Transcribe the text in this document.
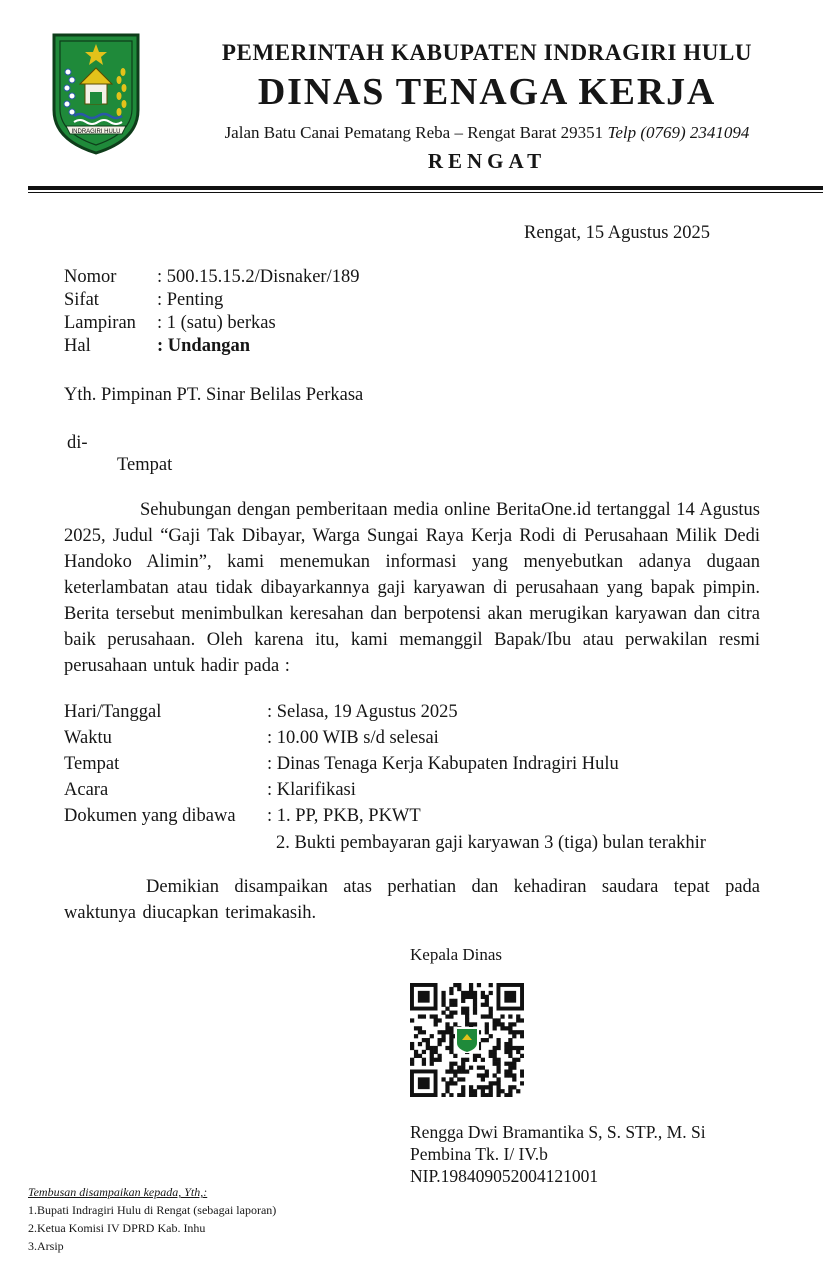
INDRAGIRI HULU
PEMERINTAH KABUPATEN INDRAGIRI HULU
DINAS TENAGA KERJA
Jalan Batu Canai Pematang Reba – Rengat Barat 29351 Telp (0769) 2341094
RENGAT
Rengat, 15 Agustus 2025
Nomor : 500.15.15.2/Disnaker/189
Sifat	: Penting
Lampiran : 1 (satu) berkas
Hal	: Undangan
Yth. Pimpinan PT. Sinar Belilas Perkasa
di-
Tempat
Sehubungan dengan pemberitaan media online BeritaOne.id tertanggal 14 Agustus 2025, Judul “Gaji Tak Dibayar, Warga Sungai Raya Kerja Rodi di Perusahaan Milik Dedi Handoko Alimin”, kami menemukan informasi yang menyebutkan adanya dugaan keterlambatan atau tidak dibayarkannya gaji karyawan di perusahaan yang bapak pimpin. Berita tersebut menimbulkan keresahan dan berpotensi akan merugikan karyawan dan citra baik perusahaan. Oleh karena itu, kami memanggil Bapak/Ibu atau perwakilan resmi perusahaan untuk hadir pada :
Hari/Tanggal	: Selasa, 19 Agustus 2025
Waktu	: 10.00 WIB s/d selesai
Tempat	: Dinas Tenaga Kerja Kabupaten Indragiri Hulu
Acara	: Klarifikasi
Dokumen yang dibawa : 1. PP, PKB, PKWT
2. Bukti pembayaran gaji karyawan 3 (tiga) bulan terakhir
Demikian disampaikan atas perhatian dan kehadiran saudara tepat pada waktunya diucapkan terimakasih.
Kepala Dinas
Rengga Dwi Bramantika S, S. STP., M. Si
Pembina Tk. I/ IV.b
NIP.198409052004121001
Tembusan disampaikan kepada, Yth,:
1.Bupati Indragiri Hulu di Rengat (sebagai laporan)
2.Ketua Komisi IV DPRD Kab. Inhu
3.Arsip
